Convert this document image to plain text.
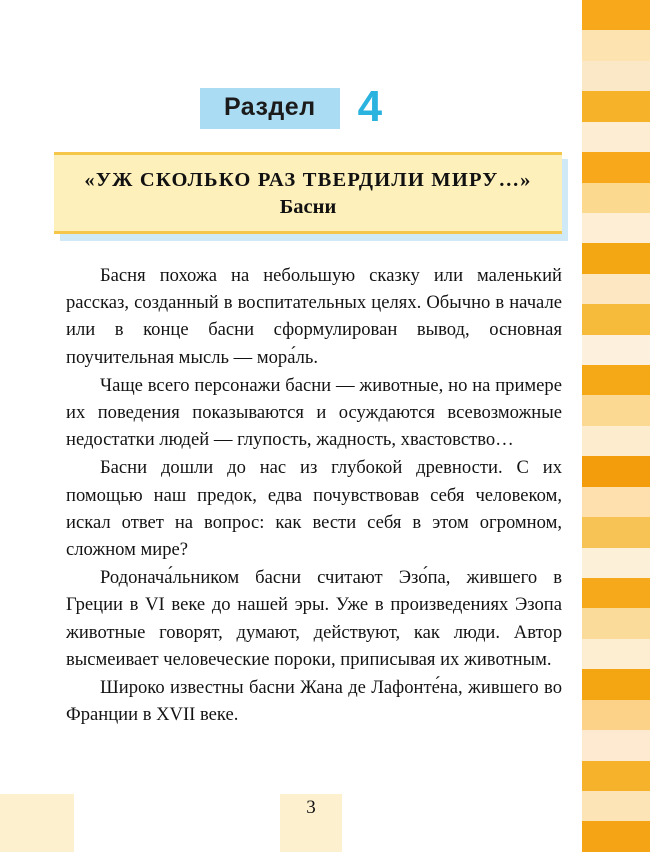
Раздел 4
«УЖ СКОЛЬКО РАЗ ТВЕРДИЛИ МИРУ…»
Басни

Басня похожа на небольшую сказку или маленький рассказ, созданный в воспитательных целях. Обычно в начале или в конце басни сформулирован вывод, основная поучительная мысль — мора́ль.

Чаще всего персонажи басни — животные, но на примере их поведения показываются и осуждаются всевозможные недостатки людей — глупость, жадность, хвастовство…

Басни дошли до нас из глубокой древности. С их помощью наш предок, едва почувствовав себя человеком, искал ответ на вопрос: как вести себя в этом огромном, сложном мире?

Родонача́льником басни считают Эзо́па, жившего в Греции в VI веке до нашей эры. Уже в произведениях Эзопа животные говорят, думают, действуют, как люди. Автор высмеивает человеческие пороки, приписывая их животным.

Широко известны басни Жана де Лафонте́на, жившего во Франции в XVII веке.

3
